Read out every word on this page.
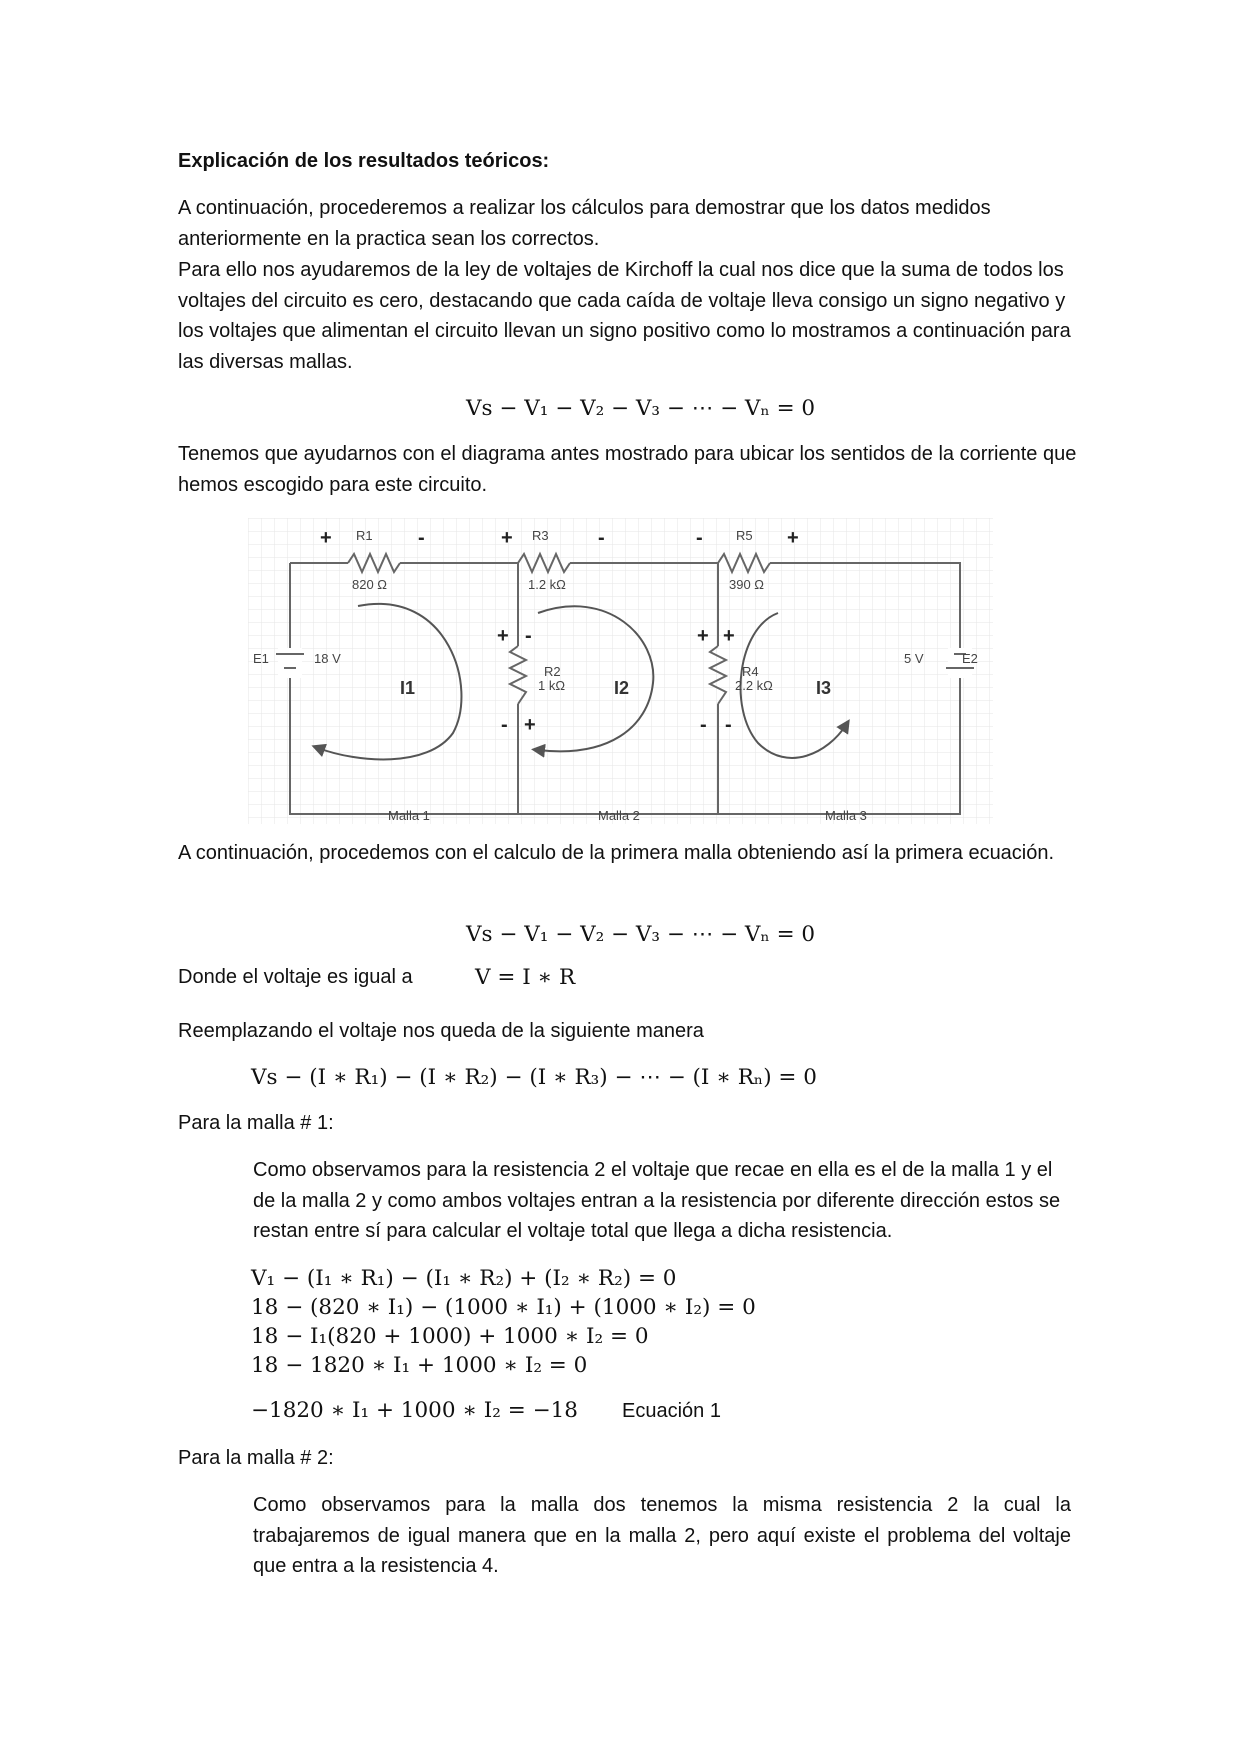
Explicación de los resultados teóricos:

A continuación, procederemos a realizar los cálculos para demostrar que los datos medidos anteriormente en la practica sean los correctos.

Para ello nos ayudaremos de la ley de voltajes de Kirchoff la cual nos dice que la suma de todos los voltajes del circuito es cero, destacando que cada caída de voltaje lleva consigo un signo negativo y los voltajes que alimentan el circuito llevan un signo positivo como lo mostramos a continuación para las diversas mallas.

Vs − V₁ − V₂ − V₃ − ⋯ − Vₙ = 0

Tenemos que ayudarnos con el diagrama antes mostrado para ubicar los sentidos de la corriente que hemos escogido para este circuito.

R1
820 Ω
R3
1.2 kΩ
R5
390 Ω
R2
1 kΩ
R4
2.2 kΩ
E1	18 V	5 V	E2
Malla 1	Malla 2	Malla 3
I1	I2	I3
+	-	+	-	-	+
+ -
- +
+ +
- -

A continuación, procedemos con el calculo de la primera malla obteniendo así la primera ecuación.

Vs − V₁ − V₂ − V₃ − ⋯ − Vₙ = 0
Donde el voltaje es igual a	V = I ∗ R
Reemplazando el voltaje nos queda de la siguiente manera
Vs − (I ∗ R₁) − (I ∗ R₂) − (I ∗ R₃) − ⋯ − (I ∗ Rₙ) = 0
Para la malla # 1:

Como observamos para la resistencia 2 el voltaje que recae en ella es el de la malla 1 y el de la malla 2 y como ambos voltajes entran a la resistencia por diferente dirección estos se restan entre sí para calcular el voltaje total que llega a dicha resistencia.

V₁ − (I₁ ∗ R₁) − (I₁ ∗ R₂) + (I₂ ∗ R₂) = 0
18 − (820 ∗ I₁) − (1000 ∗ I₁) + (1000 ∗ I₂) = 0
18 − I₁(820 + 1000) + 1000 ∗ I₂ = 0
18 − 1820 ∗ I₁ + 1000 ∗ I₂ = 0
−1820 ∗ I₁ + 1000 ∗ I₂ = −18 Ecuación 1
Para la malla # 2:

Como observamos para la malla dos tenemos la misma resistencia 2 la cual la trabajaremos de igual manera que en la malla 2, pero aquí existe el problema del voltaje que entra a la resistencia 4.
